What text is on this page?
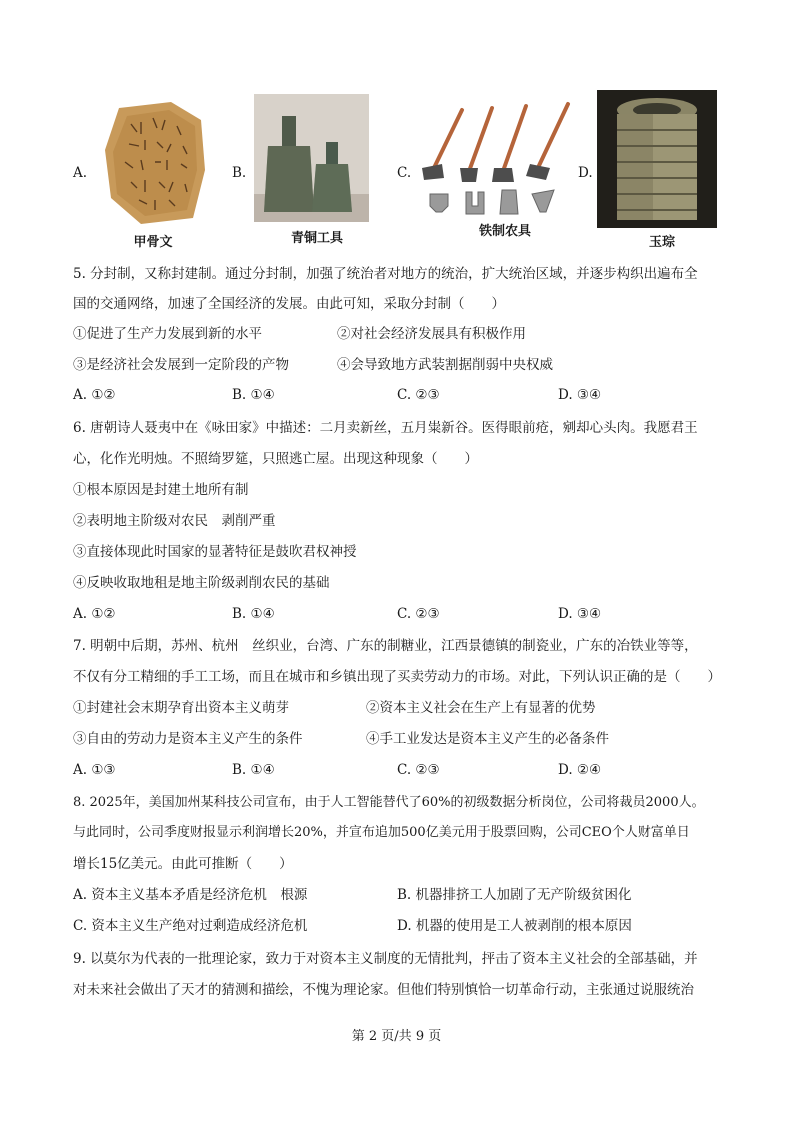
A.
甲骨文
B.
青铜工具
C.
铁制农具
D.
玉琮
5. 分封制，又称封建制。通过分封制，加强了统治者对地方的统治，扩大统治区域，并逐步构织出遍布全
国的交通网络，加速了全国经济的发展。由此可知，采取分封制（　　）
①促进了生产力发展到新的水平	②对社会经济发展具有积极作用
③是经济社会发展到一定阶段的产物	④会导致地方武装割据削弱中央权威
A. ①②	B. ①④	C. ②③	D. ③④
6. 唐朝诗人聂夷中在《咏田家》中描述：二月卖新丝，五月粜新谷。医得眼前疮，剜却心头肉。我愿君王
心，化作光明烛。不照绮罗筵，只照逃亡屋。出现这种现象（　　）
①根本原因是封建土地所有制
②表明地主阶级对农民　剥削严重
③直接体现此时国家的显著特征是鼓吹君权神授
④反映收取地租是地主阶级剥削农民的基础
A. ①②	B. ①④	C. ②③	D. ③④
7. 明朝中后期，苏州、杭州　丝织业，台湾、广东的制糖业，江西景德镇的制瓷业，广东的冶铁业等等，
不仅有分工精细的手工工场，而且在城市和乡镇出现了买卖劳动力的市场。对此，下列认识正确的是（　　）
①封建社会末期孕育出资本主义萌芽	②资本主义社会在生产上有显著的优势
③自由的劳动力是资本主义产生的条件	④手工业发达是资本主义产生的必备条件
A. ①③	B. ①④	C. ②③	D. ②④
8. 2025年，美国加州某科技公司宣布，由于人工智能替代了60%的初级数据分析岗位，公司将裁员2000人。
与此同时，公司季度财报显示利润增长20%，并宣布追加500亿美元用于股票回购，公司CEO个人财富单日
增长15亿美元。由此可推断（　　）
A. 资本主义基本矛盾是经济危机　根源	B. 机器排挤工人加剧了无产阶级贫困化
C. 资本主义生产绝对过剩造成经济危机	D. 机器的使用是工人被剥削的根本原因
9. 以莫尔为代表的一批理论家，致力于对资本主义制度的无情批判，抨击了资本主义社会的全部基础，并
对未来社会做出了天才的猜测和描绘，不愧为理论家。但他们特别慎恰一切革命行动，主张通过说服统治
第 2 页/共 9 页
